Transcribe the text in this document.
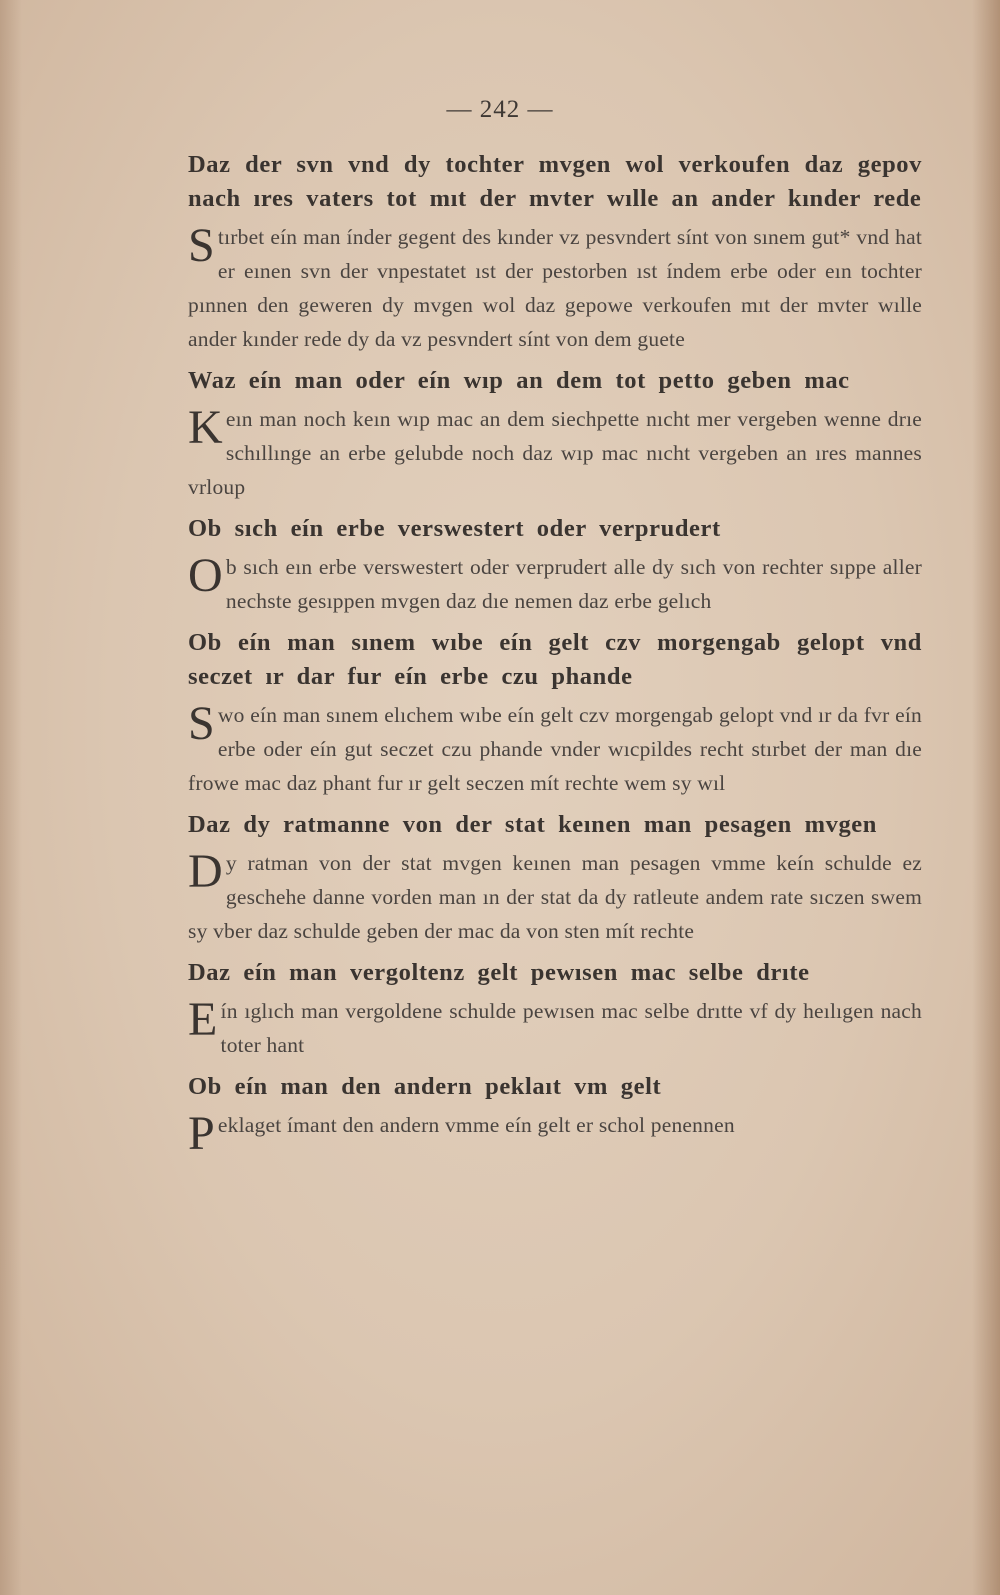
— 242 —
Daz der svn vnd dy tochter mvgen wol verkoufen daz gepov nach ıres vaters tot mıt der mvter wılle an ander kınder rede

Stırbet eín man índer gegent des kınder vz pesvndert sínt von sınem gut* vnd hat er eınen svn der vnpestatet ıst der pestorben ıst índem erbe oder eın tochter pınnen den geweren dy mvgen wol daz gepowe verkoufen mıt der mvter wılle ander kınder rede dy da vz pesvndert sínt von dem guete

Waz eín man oder eín wıp an dem tot petto geben mac

Keın man noch keın wıp mac an dem siechpette nıcht mer vergeben wenne drıe schıllınge an erbe gelubde noch daz wıp mac nıcht vergeben an ıres mannes vrloup

Ob sıch eín erbe verswestert oder verprudert

Ob sıch eın erbe verswestert oder verprudert alle dy sıch von rechter sıppe aller nechste gesıppen mvgen daz dıe nemen daz erbe gelıch

Ob eín man sınem wıbe eín gelt czv morgengab gelopt vnd seczet ır dar fur eín erbe czu phande

Swo eín man sınem elıchem wıbe eín gelt czv morgengab gelopt vnd ır da fvr eín erbe oder eín gut seczet czu phande vnder wıcpildes recht stırbet der man dıe frowe mac daz phant fur ır gelt seczen mít rechte wem sy wıl

Daz dy ratmanne von der stat keınen man pesagen mvgen

Dy ratman von der stat mvgen keınen man pesagen vmme keín schulde ez geschehe danne vorden man ın der stat da dy ratleute andem rate sıczen swem sy vber daz schulde geben der mac da von sten mít rechte

Daz eín man vergoltenz gelt pewısen mac selbe drıte

Eín ıglıch man vergoldene schulde pewısen mac selbe drıtte vf dy heılıgen nach toter hant

Ob eín man den andern peklaıt vm gelt

Peklaget ímant den andern vmme eín gelt er schol penennen
